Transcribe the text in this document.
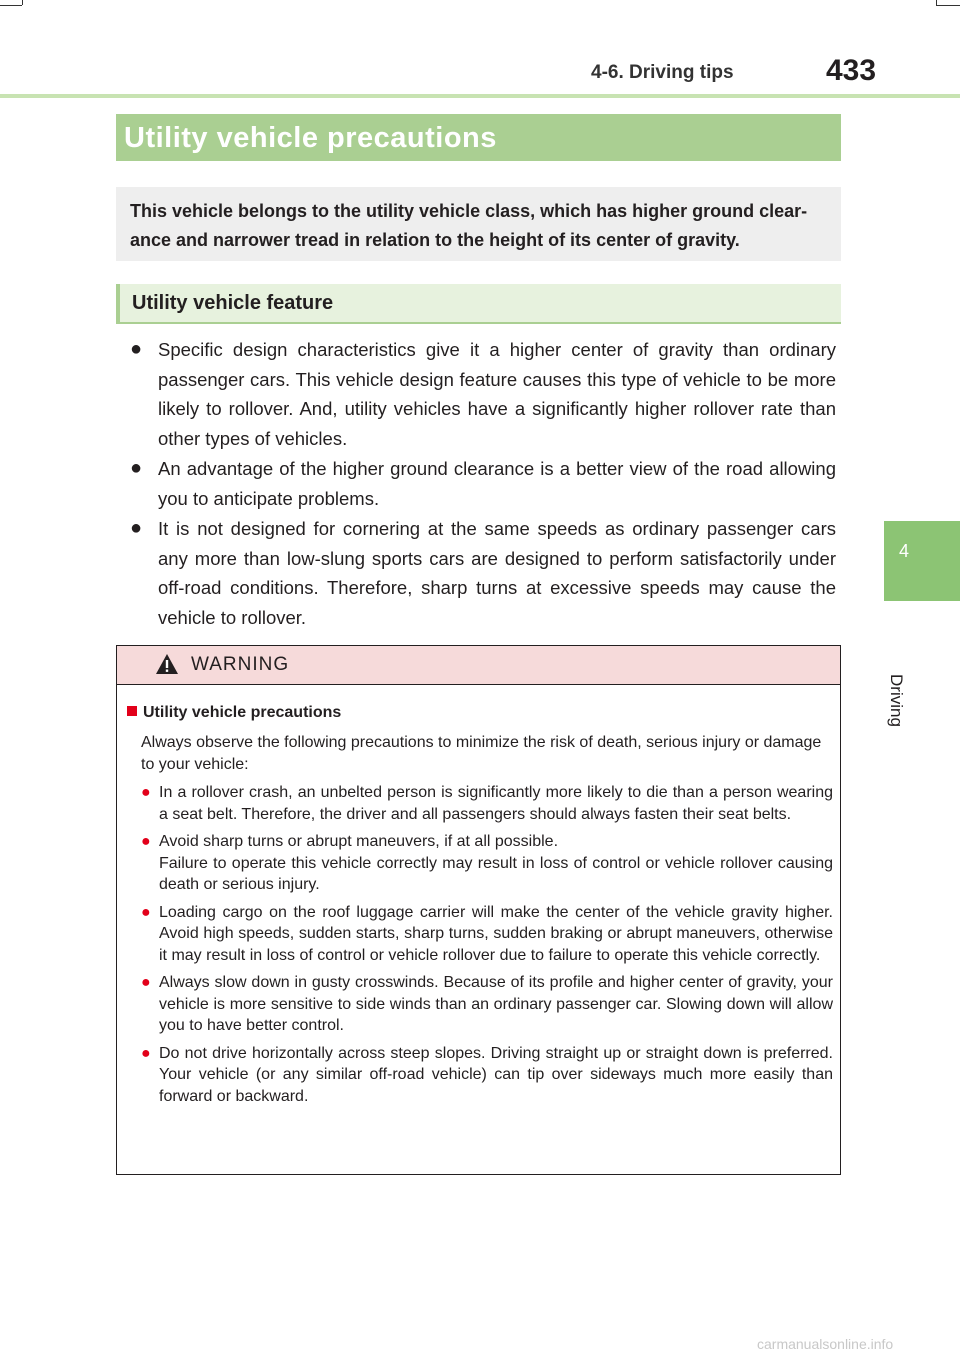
4-6. Driving tips	433
4
Driving
Utility vehicle precautions
This vehicle belongs to the utility vehicle class, which has higher ground clear-ance and narrower tread in relation to the height of its center of gravity.
Utility vehicle feature
● Specific design characteristics give it a higher center of gravity than ordinary passenger cars. This vehicle design feature causes this type of vehicle to be more likely to rollover. And, utility vehicles have a significantly higher rollover rate than other types of vehicles.
● An advantage of the higher ground clearance is a better view of the road allowing you to anticipate problems.
● It is not designed for cornering at the same speeds as ordinary passenger cars any more than low-slung sports cars are designed to perform satisfactorily under off-road conditions. Therefore, sharp turns at excessive speeds may cause the vehicle to rollover.
WARNING
Utility vehicle precautions
Always observe the following precautions to minimize the risk of death, serious injury or damage to your vehicle:
● In a rollover crash, an unbelted person is significantly more likely to die than a person wearing a seat belt. Therefore, the driver and all passengers should always fasten their seat belts.
● Avoid sharp turns or abrupt maneuvers, if at all possible.
Failure to operate this vehicle correctly may result in loss of control or vehicle rollover causing death or serious injury.
● Loading cargo on the roof luggage carrier will make the center of the vehicle gravity higher. Avoid high speeds, sudden starts, sharp turns, sudden braking or abrupt maneuvers, otherwise it may result in loss of control or vehicle rollover due to failure to operate this vehicle correctly.
● Always slow down in gusty crosswinds. Because of its profile and higher center of gravity, your vehicle is more sensitive to side winds than an ordinary passenger car. Slowing down will allow you to have better control.
● Do not drive horizontally across steep slopes. Driving straight up or straight down is preferred. Your vehicle (or any similar off-road vehicle) can tip over sideways much more easily than forward or backward.
carmanualsonline.info
